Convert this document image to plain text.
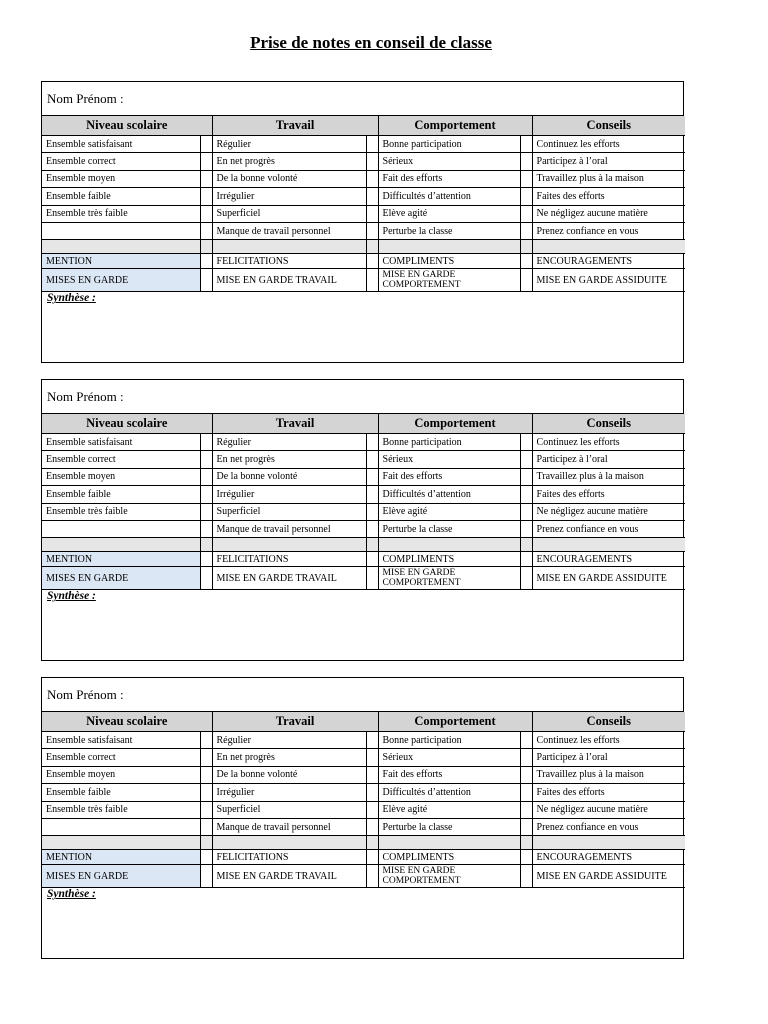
Prise de notes en conseil de classe
Nom Prénom :
Niveau scolaire		Travail		Comportement		Conseils
Ensemble satisfaisant		Régulier		Bonne participation		Continuez les efforts
Ensemble correct		En net progrès		Sérieux		Participez à l’oral
Ensemble moyen		De la bonne volonté		Fait des efforts		Travaillez plus à la maison
Ensemble faible		Irrégulier		Difficultés d’attention		Faites des efforts
Ensemble très faible		Superficiel		Elève agité		Ne négligez aucune matière
		Manque de travail personnel		Perturbe la classe		Prenez confiance en vous

MENTION		FELICITATIONS		COMPLIMENTS		ENCOURAGEMENTS
MISES EN GARDE		MISE EN GARDE TRAVAIL		MISE EN GARDE COMPORTEMENT		MISE EN GARDE ASSIDUITE
Synthèse :
Nom Prénom :
Niveau scolaire		Travail		Comportement		Conseils
Ensemble satisfaisant		Régulier		Bonne participation		Continuez les efforts
Ensemble correct		En net progrès		Sérieux		Participez à l’oral
Ensemble moyen		De la bonne volonté		Fait des efforts		Travaillez plus à la maison
Ensemble faible		Irrégulier		Difficultés d’attention		Faites des efforts
Ensemble très faible		Superficiel		Elève agité		Ne négligez aucune matière
		Manque de travail personnel		Perturbe la classe		Prenez confiance en vous

MENTION		FELICITATIONS		COMPLIMENTS		ENCOURAGEMENTS
MISES EN GARDE		MISE EN GARDE TRAVAIL		MISE EN GARDE COMPORTEMENT		MISE EN GARDE ASSIDUITE
Synthèse :
Nom Prénom :
Niveau scolaire		Travail		Comportement		Conseils
Ensemble satisfaisant		Régulier		Bonne participation		Continuez les efforts
Ensemble correct		En net progrès		Sérieux		Participez à l’oral
Ensemble moyen		De la bonne volonté		Fait des efforts		Travaillez plus à la maison
Ensemble faible		Irrégulier		Difficultés d’attention		Faites des efforts
Ensemble très faible		Superficiel		Elève agité		Ne négligez aucune matière
		Manque de travail personnel		Perturbe la classe		Prenez confiance en vous

MENTION		FELICITATIONS		COMPLIMENTS		ENCOURAGEMENTS
MISES EN GARDE		MISE EN GARDE TRAVAIL		MISE EN GARDE COMPORTEMENT		MISE EN GARDE ASSIDUITE
Synthèse :
